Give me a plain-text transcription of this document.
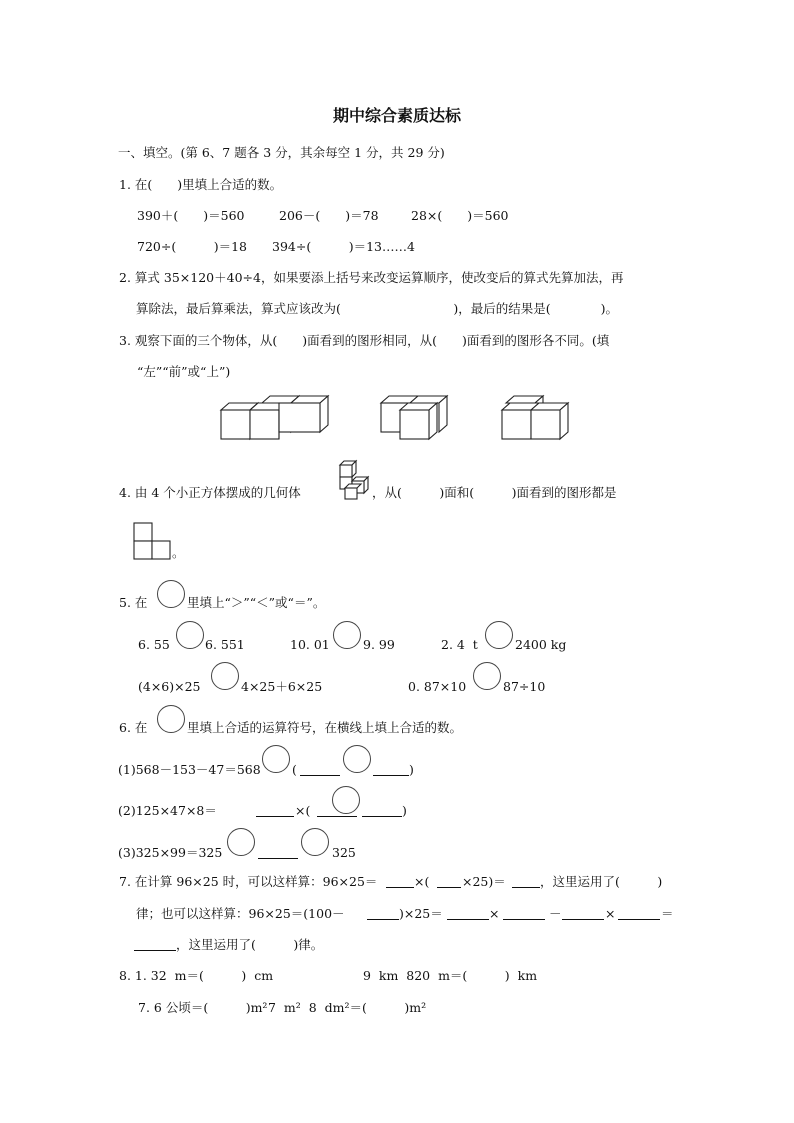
期中综合素质达标
一、填空。(第 6、7 题各 3 分，其余每空 1 分，共 29 分)
1. 在(　　)里填上合适的数。
390＋(　　)＝560	206－(　　)＝78	28×(　　)＝560
720÷(　　　)＝18 394÷(　　　)＝13……4
2. 算式 35×120＋40÷4，如果要添上括号来改变运算顺序，使改变后的算式先算加法，再
算除法，最后算乘法，算式应该改为(　　　　　　　　　)，最后的结果是(　　　　)。
3. 观察下面的三个物体，从(　　)面看到的图形相同，从(　　)面看到的图形各不同。(填
“左”“前”或“上”)
4. 由 4 个小正方体摆成的几何体	，从(　　　)面和(　　　)面看到的图形都是
。
5. 在	里填上“＞”“＜”或“＝”。
6. 55	6. 551	10. 01	9. 99	2. 4  t	2400 kg
(4×6)×25	4×25＋6×25	0. 87×10	87÷10
6. 在	里填上合适的运算符号，在横线上填上合适的数。
(1)568－153－47＝568	(	)
(2)125×47×8＝	×(	)
(3)325×99＝325	325
7. 在计算 96×25 时，可以这样算：96×25＝	×(	×25)＝	，这里运用了(　　　)
律；也可以这样算：96×25＝(100－	)×25＝	×	－	×	＝
，这里运用了(　　　)律。
8. 1. 32  m＝(　　　)  cm	9  km  820  m＝(　　　)  km
7. 6 公顷＝(　　　)m² 7  m²  8  dm²＝(　　　)m²
